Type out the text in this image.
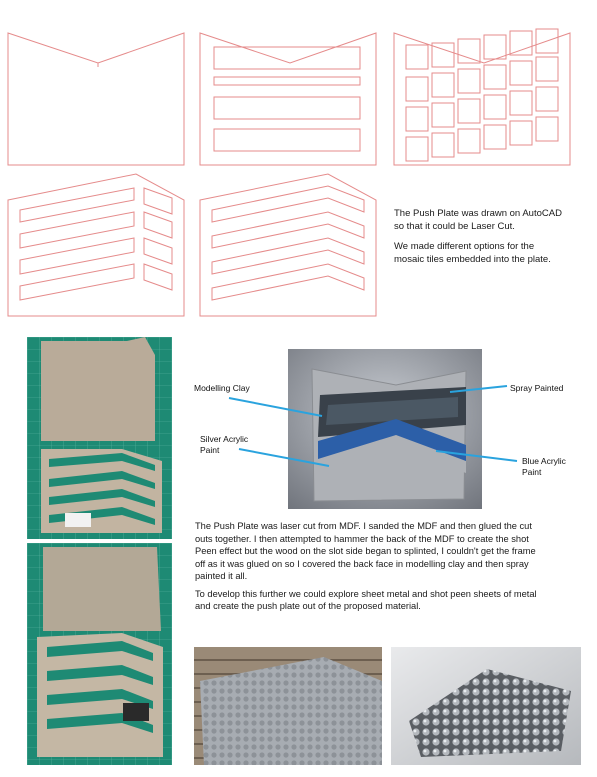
The Push Plate was drawn on AutoCAD
so that it could be Laser Cut.
We made different options for the
mosaic tiles embedded into the plate.
Modelling Clay	Spray Painted
Silver Acrylic
Paint
Blue Acrylic
Paint
The Push Plate was laser cut from MDF. I sanded the MDF and then glued the cut
outs together. I then attempted to hammer the back of the MDF to create the shot
Peen effect but the wood on the slot side began to splinted, I couldn't get the frame
off as it was glued on so I covered the back face in modelling clay and then spray
painted it all.
To develop this further we could explore sheet metal and shot peen sheets of metal
and create the push plate out of the proposed material.
